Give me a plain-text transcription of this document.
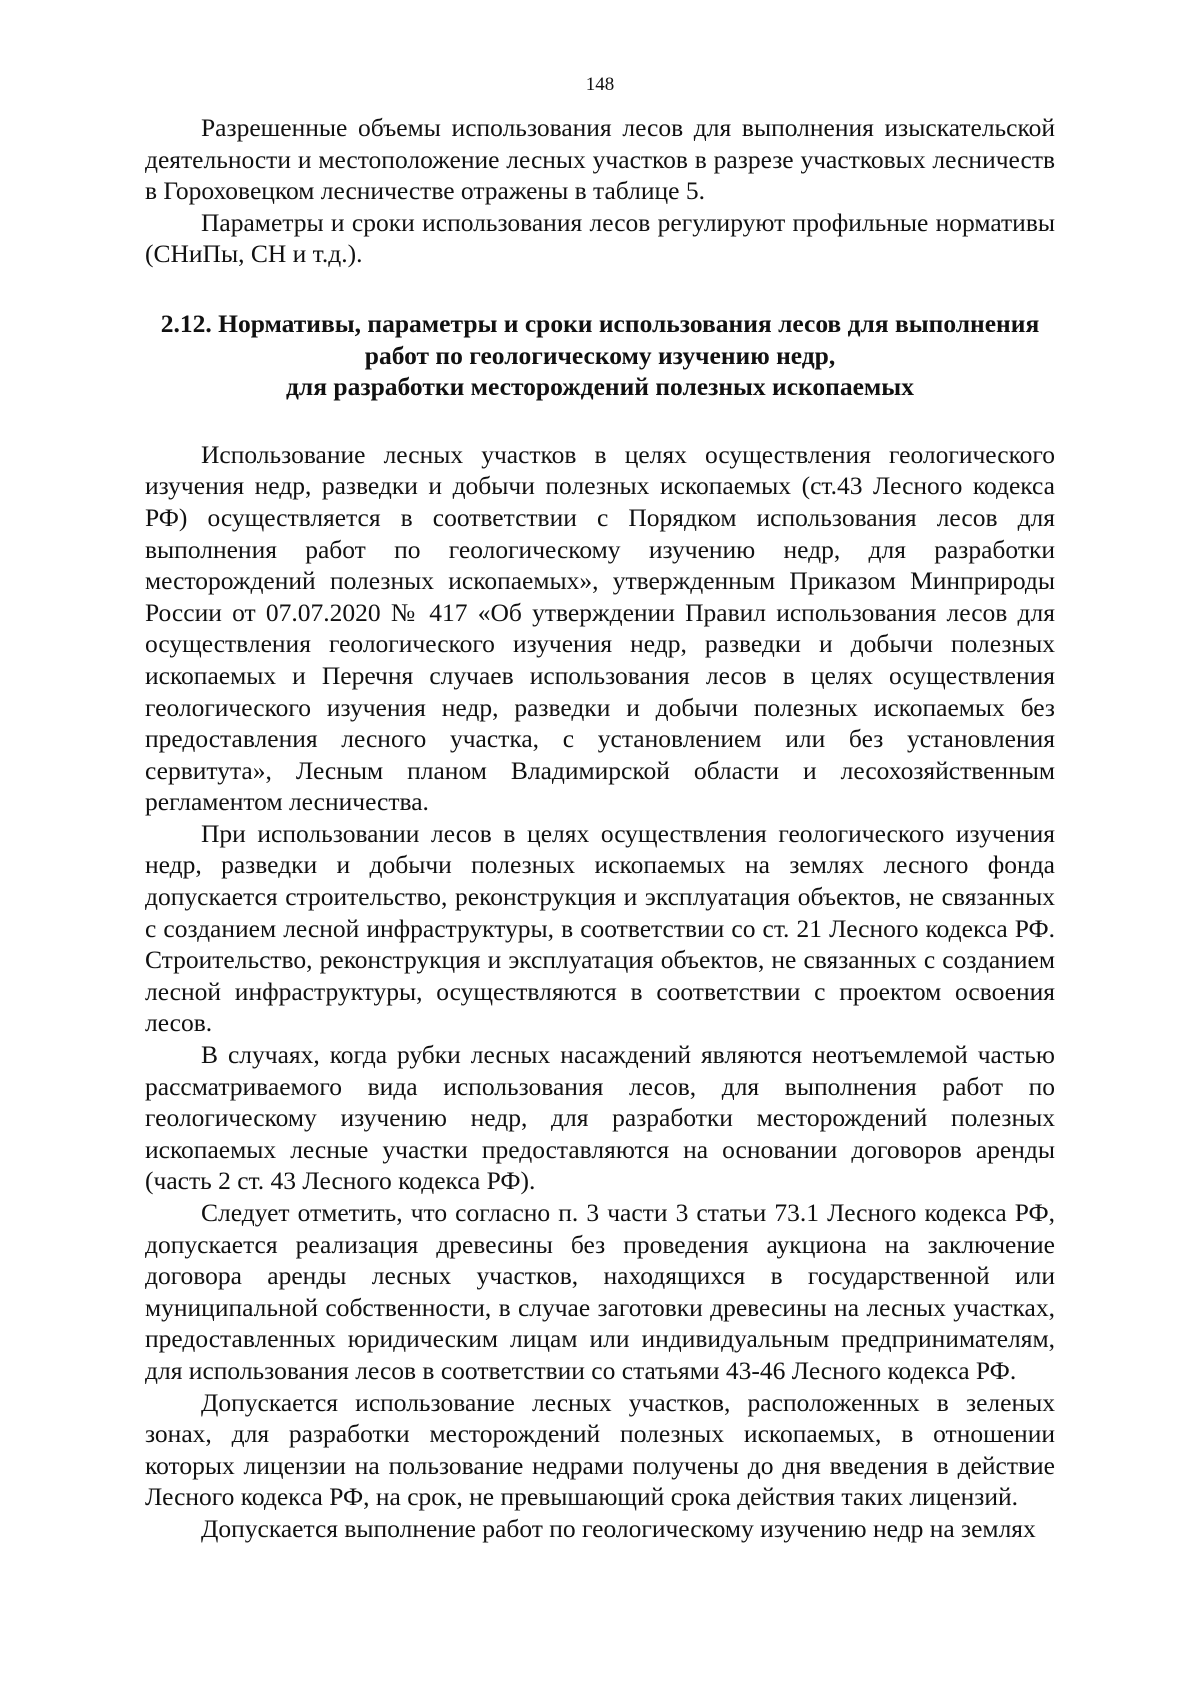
148

Разрешенные объемы использования лесов для выполнения изыскательской деятельности и местоположение лесных участков в разрезе участковых лесничеств в Гороховецком лесничестве отражены в таблице 5.

Параметры и сроки использования лесов регулируют профильные нормативы (СНиПы, СН и т.д.).

2.12. Нормативы, параметры и сроки использования лесов для выполнения
работ по геологическому изучению недр,
для разработки месторождений полезных ископаемых

Использование лесных участков в целях осуществления геологического изучения недр, разведки и добычи полезных ископаемых (ст.43 Лесного кодекса РФ) осуществляется в соответствии с Порядком использования лесов для выполнения работ по геологическому изучению недр, для разработки месторождений полезных ископаемых», утвержденным Приказом Минприроды России от 07.07.2020 № 417 «Об утверждении Правил использования лесов для осуществления геологического изучения недр, разведки и добычи полезных ископаемых и Перечня случаев использования лесов в целях осуществления геологического изучения недр, разведки и добычи полезных ископаемых без предоставления лесного участка, с установлением или без установления сервитута», Лесным планом Владимирской области и лесохозяйственным регламентом лесничества.

При использовании лесов в целях осуществления геологического изучения недр, разведки и добычи полезных ископаемых на землях лесного фонда допускается строительство, реконструкция и эксплуатация объектов, не связанных с созданием лесной инфраструктуры, в соответствии со ст. 21 Лесного кодекса РФ. Строительство, реконструкция и эксплуатация объектов, не связанных с созданием лесной инфраструктуры, осуществляются в соответствии с проектом освоения лесов.

В случаях, когда рубки лесных насаждений являются неотъемлемой частью рассматриваемого вида использования лесов, для выполнения работ по геологическому изучению недр, для разработки месторождений полезных ископаемых лесные участки предоставляются на основании договоров аренды (часть 2 ст. 43 Лесного кодекса РФ).

Следует отметить, что согласно п. 3 части 3 статьи 73.1 Лесного кодекса РФ, допускается реализация древесины без проведения аукциона на заключение договора аренды лесных участков, находящихся в государственной или муниципальной собственности, в случае заготовки древесины на лесных участках, предоставленных юридическим лицам или индивидуальным предпринимателям, для использования лесов в соответствии со статьями 43-46 Лесного кодекса РФ.

Допускается использование лесных участков, расположенных в зеленых зонах, для разработки месторождений полезных ископаемых, в отношении которых лицензии на пользование недрами получены до дня введения в действие Лесного кодекса РФ, на срок, не превышающий срока действия таких лицензий.

Допускается выполнение работ по геологическому изучению недр на землях
